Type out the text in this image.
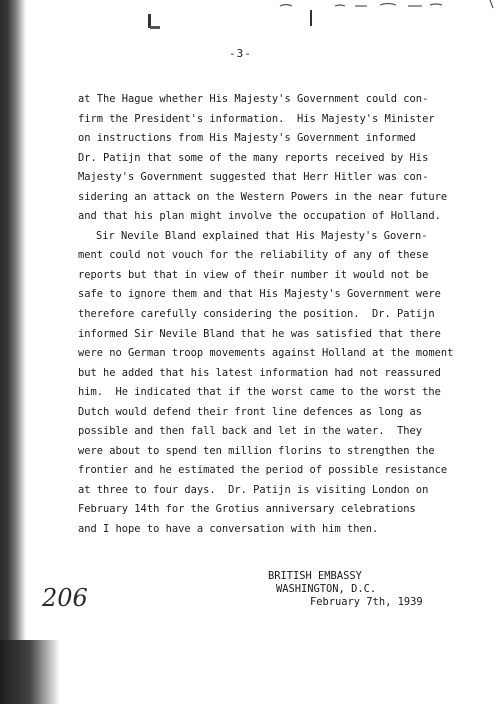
-3-
at The Hague whether His Majesty's Government could con-
firm the President's information.  His Majesty's Minister
on instructions from His Majesty's Government informed
Dr. Patijn that some of the many reports received by His
Majesty's Government suggested that Herr Hitler was con-
sidering an attack on the Western Powers in the near future
and that his plan might involve the occupation of Holland.
Sir Nevile Bland explained that His Majesty's Govern-
ment could not vouch for the reliability of any of these
reports but that in view of their number it would not be
safe to ignore them and that His Majesty's Government were
therefore carefully considering the position.  Dr. Patijn
informed Sir Nevile Bland that he was satisfied that there
were no German troop movements against Holland at the moment
but he added that his latest information had not reassured
him.  He indicated that if the worst came to the worst the
Dutch would defend their front line defences as long as
possible and then fall back and let in the water.  They
were about to spend ten million florins to strengthen the
frontier and he estimated the period of possible resistance
at three to four days.  Dr. Patijn is visiting London on
February 14th for the Grotius anniversary celebrations
and I hope to have a conversation with him then.
206
BRITISH EMBASSY
WASHINGTON, D.C.
February 7th, 1939
